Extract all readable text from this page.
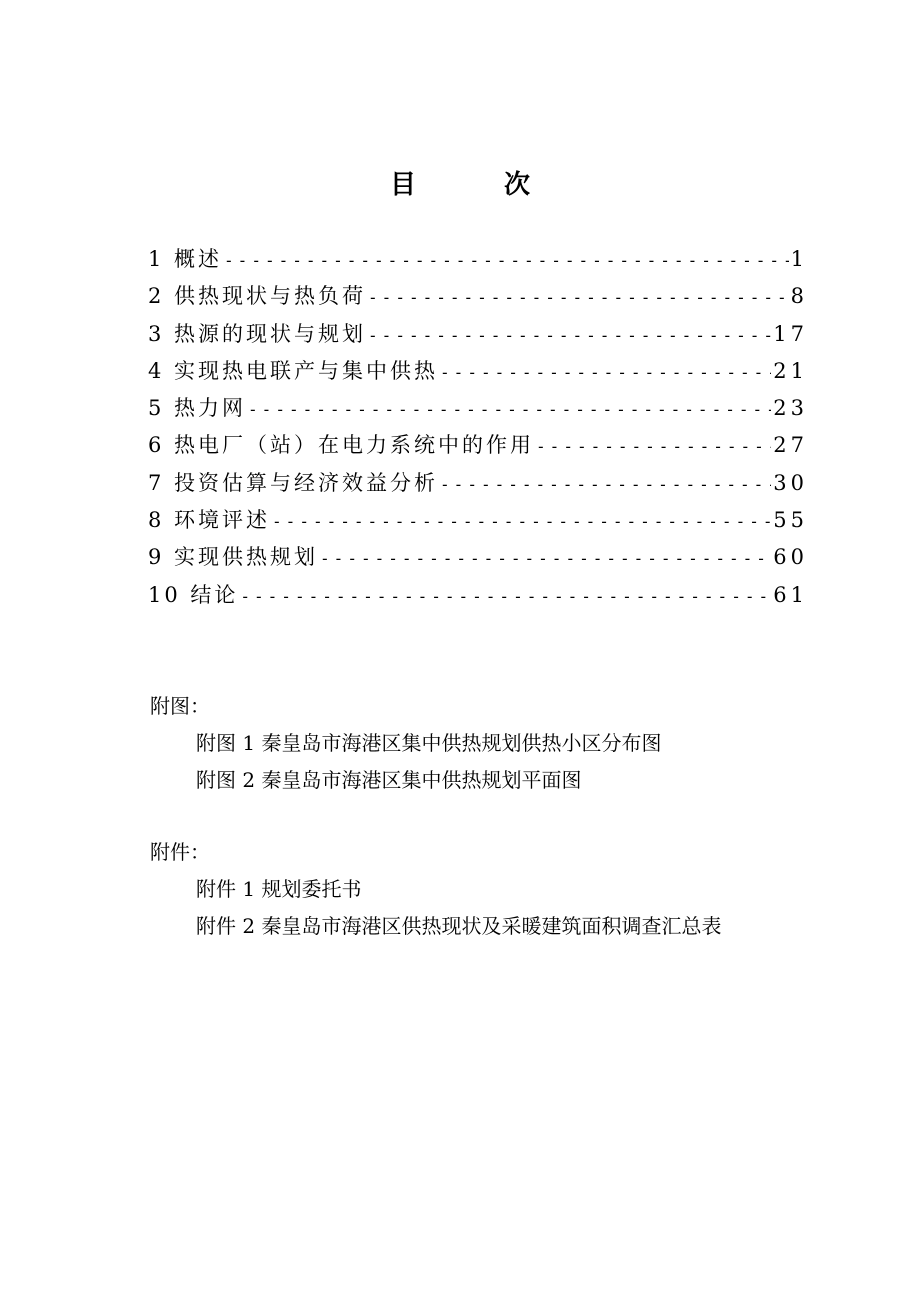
目	次
1 概述 -----	1
2 供热现状与热负荷 -----	8
3 热源的现状与规划 -----	17
4 实现热电联产与集中供热 -----	21
5 热力网 -----	23
6 热电厂（站）在电力系统中的作用 -----	27
7 投资估算与经济效益分析 -----	30
8 环境评述 -----	55
9 实现供热规划 -----	60
10 结论 -----	61
附图：
附图 1 秦皇岛市海港区集中供热规划供热小区分布图
附图 2 秦皇岛市海港区集中供热规划平面图
附件：
附件 1 规划委托书
附件 2 秦皇岛市海港区供热现状及采暖建筑面积调查汇总表
